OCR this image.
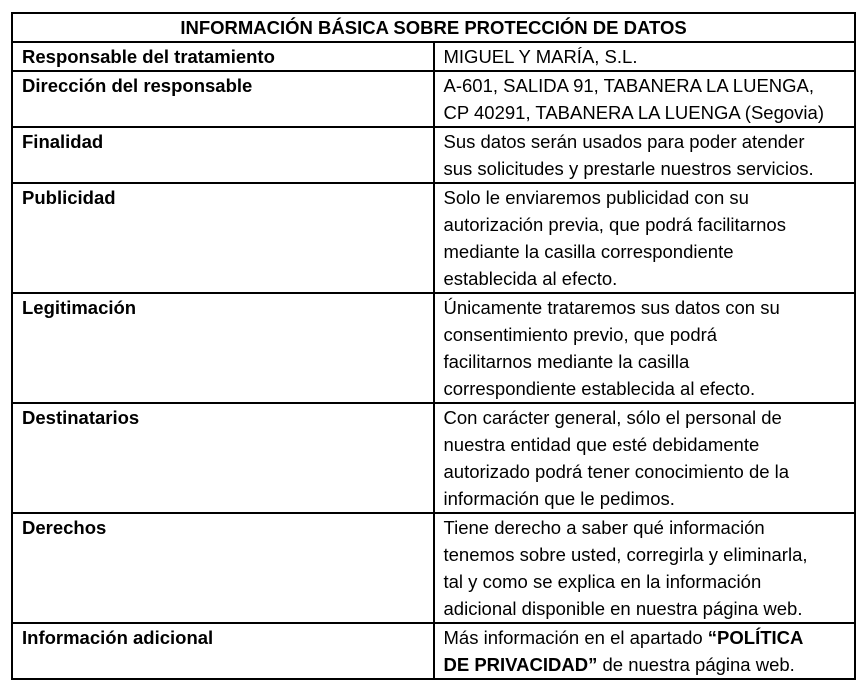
INFORMACIÓN BÁSICA SOBRE PROTECCIÓN DE DATOS	
Responsable del tratamiento	MIGUEL Y MARÍA, S.L.

Dirección del responsable	A-601, SALIDA 91, TABANERA LA LUENGA,
CP 40291, TABANERA LA LUENGA (Segovia)

Finalidad	Sus datos serán usados para poder atender
sus solicitudes y prestarle nuestros servicios.

Publicidad	Solo le enviaremos publicidad con su
autorización previa, que podrá facilitarnos
mediante la casilla correspondiente
establecida al efecto.

Legitimación	Únicamente trataremos sus datos con su
consentimiento previo, que podrá
facilitarnos mediante la casilla
correspondiente establecida al efecto.

Destinatarios	Con carácter general, sólo el personal de
nuestra entidad que esté debidamente
autorizado podrá tener conocimiento de la
información que le pedimos.

Derechos	Tiene derecho a saber qué información
tenemos sobre usted, corregirla y eliminarla,
tal y como se explica en la información
adicional disponible en nuestra página web.

Información adicional	Más información en el apartado “POLÍTICA
DE PRIVACIDAD” de nuestra página web.
